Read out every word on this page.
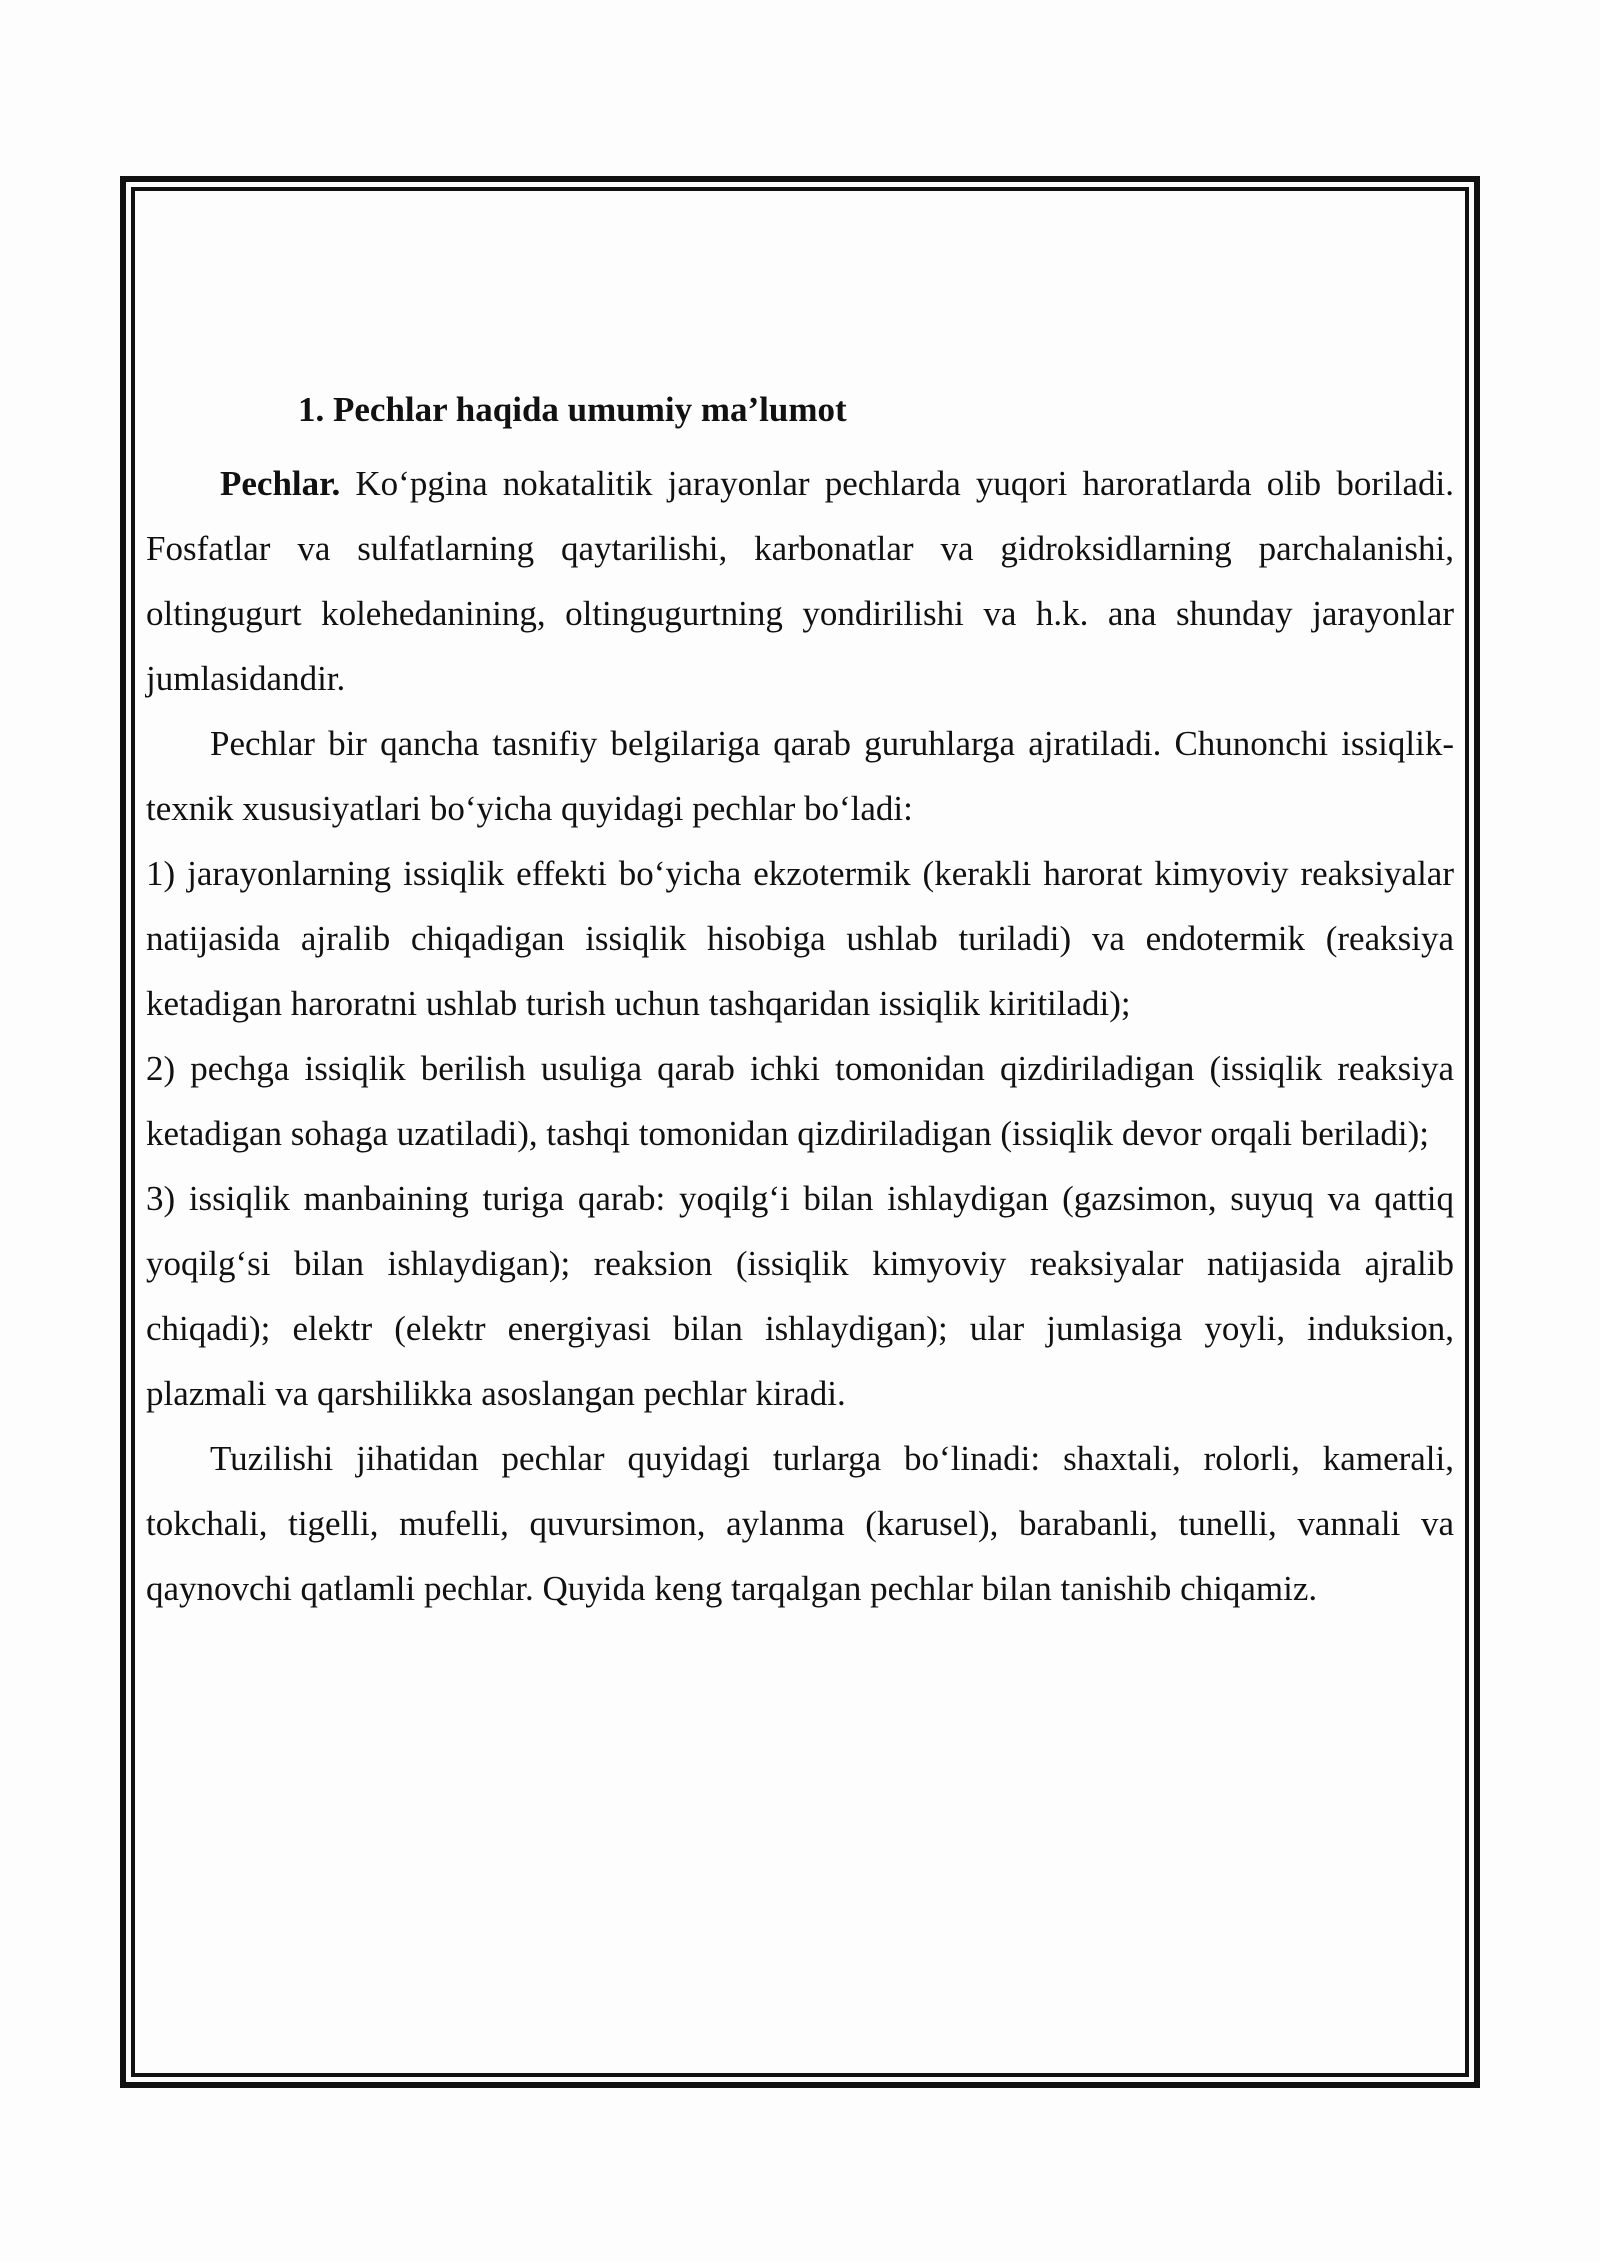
1. Pechlar haqida umumiy ma’lumot

Pechlar. Ko‘pgina nokatalitik jarayonlar pechlarda yuqori haroratlarda olib boriladi. Fosfatlar va sulfatlarning qaytarilishi, karbonatlar va gidroksidlarning parchalanishi, oltingugurt kolehedanining, oltingugurtning yondirilishi va h.k. ana shunday jarayonlar jumlasidandir.

Pechlar bir qancha tasnifiy belgilariga qarab guruhlarga ajratiladi. Chunonchi issiqlik-texnik xususiyatlari bo‘yicha quyidagi pechlar bo‘ladi:

1) jarayonlarning issiqlik effekti bo‘yicha ekzotermik (kerakli harorat kimyoviy reaksiyalar natijasida ajralib chiqadigan issiqlik hisobiga ushlab turiladi) va endotermik (reaksiya ketadigan haroratni ushlab turish uchun tashqaridan issiqlik kiritiladi);

2) pechga issiqlik berilish usuliga qarab ichki tomonidan qizdiriladigan (issiqlik reaksiya ketadigan sohaga uzatiladi), tashqi tomonidan qizdiriladigan (issiqlik devor orqali beriladi);

3) issiqlik manbaining turiga qarab: yoqilg‘i bilan ishlaydigan (gazsimon, suyuq va qattiq yoqilg‘si bilan ishlaydigan); reaksion (issiqlik kimyoviy reaksiyalar natijasida ajralib chiqadi); elektr (elektr energiyasi bilan ishlaydigan); ular jumlasiga yoyli, induksion, plazmali va qarshilikka asoslangan pechlar kiradi.

Tuzilishi jihatidan pechlar quyidagi turlarga bo‘linadi: shaxtali, rolorli, kamerali, tokchali, tigelli, mufelli, quvursimon, aylanma (karusel), barabanli, tunelli, vannali va qaynovchi qatlamli pechlar. Quyida keng tarqalgan pechlar bilan tanishib chiqamiz.
